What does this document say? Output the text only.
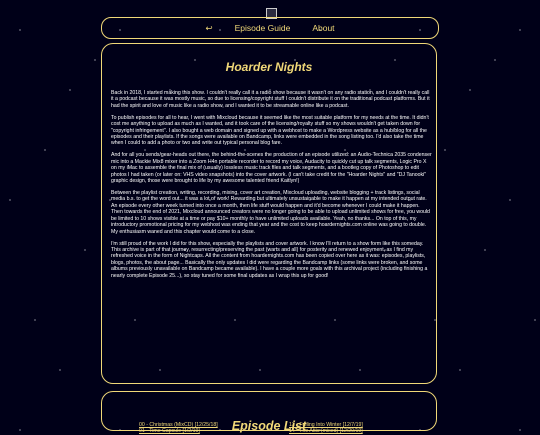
↩	Episode Guide	About
Hoarder Nights

Back in 2018, I started making this show. I couldn't really call it a radio show because it wasn't on any radio station, and I couldn't really call it a podcast because it was mostly music, so due to licensing/copyright stuff I couldn't distribute it on the traditional podcast platforms. But it had the spirit and love of music like a radio show, and I wanted it to be streamable online like a podcast.

To publish episodes for all to hear, I went with Mixcloud because it seemed like the most suitable platform for my needs at the time. It didn't cost me anything to upload as much as I wanted, and it took care of the licensing/royalty stuff so my shows wouldn't get taken down for "copyright infringement". I also bought a web domain and signed up with a webhost to make a Wordpress website as a hub/blog for all the episodes and their playlists. If the songs were available on Bandcamp, links were embedded in the song listing too. I'd also take the time when I could to add a photo or two and write out typical personal blog fare.

And for all you sends/gear-heads out there, the behind-the-scenes the production of an episode utilized: an Audio-Technica 2035 condenser mic into a Mackie Mix8 mixer into a Zoom H4n portable recorder to record my voice, Audacity to quickly cut up talk segments, Logic Pro X on my iMac to assemble the final mix of (usually) lossless music track files and talk segments, and a bootleg copy of Photoshop to edit photos I had taken (or later on: VHS video snapshots) into the cover artwork. (I can't take credit for the "Hoarder Nights" and "DJ Tanooki" graphic design, those were brought to life by my awesome talented friend Kaitlyn!)

Between the playlist creation, writing, recording, mixing, cover art creation, Mixcloud uploading, website blogging + track listings, social media b.s. to get the word out... it was a lot of work! Rewarding but ultimately unsustainable to make it happen at my intended output rate. An episode every other week turned into once a month, then life stuff would happen and it'd become whenever I could make it happen. Then towards the end of 2021, Mixcloud announced creators were no longer going to be able to upload unlimited shows for free, you would be limited to 10 shows visible at a time or pay $10+ monthly to have unlimited uploads available. Yeah, no thanks... On top of this, my introductory promotional pricing for my webhost was ending that year and the cost to keep hoardernights.com online was going to double. My enthusiasm waned and this chapter would come to a close.

I'm still proud of the work I did for this show, especially the playlists and cover artwork. I know I'll return to a show form like this someday. This archive is part of that journey, resurrecting/preserving the past (warts and all) for posterity and renewed enjoyment, as I find my refreshed voice in the form of Nightcaps. All the content from hoardernights.com has been copied over here as it was: episodes, playlists, blogs, photos, the about page... Basically the only updates I did were regarding the Bandcamp links (some links were broken, and some albums previously unavailable on Bandcamp became available). I have a couple more goals with this archival project (including finishing a nearly complete Episode 25...), so stay tuned for some final updates as I wrap this up for good!

Episode List
00 - Christmas (MixCD) [12/25/18]
01 - Time Capsule [1/2/19]
13 - Falling Into Winter [12/7/19]
14 - The Attic (mixed) [12/20/19]
